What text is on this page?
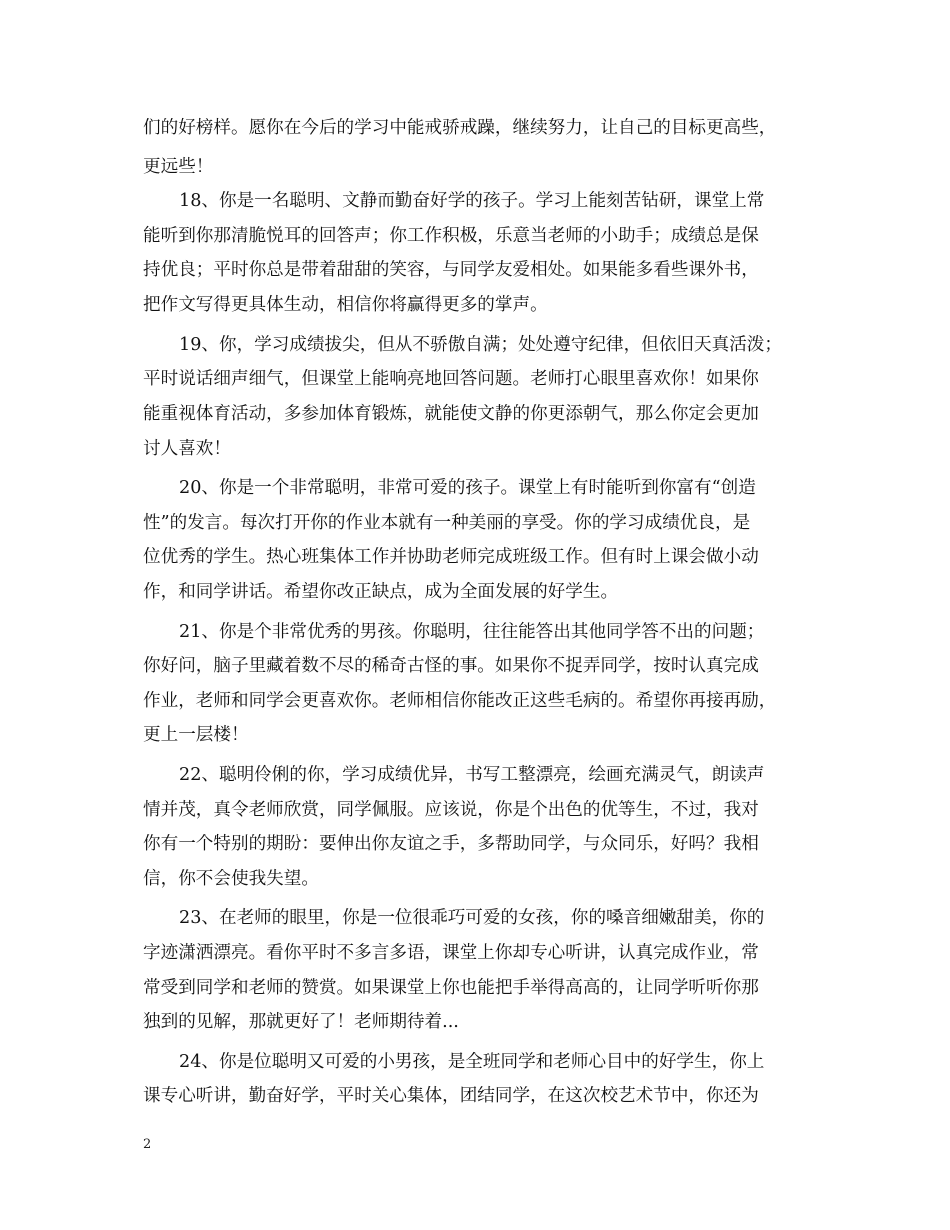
们的好榜样。愿你在今后的学习中能戒骄戒躁，继续努力，让自己的目标更高些，
更远些！
18、你是一名聪明、文静而勤奋好学的孩子。学习上能刻苦钻研，课堂上常
能听到你那清脆悦耳的回答声；你工作积极，乐意当老师的小助手；成绩总是保
持优良；平时你总是带着甜甜的笑容，与同学友爱相处。如果能多看些课外书，
把作文写得更具体生动，相信你将赢得更多的掌声。
19、你，学习成绩拔尖，但从不骄傲自满；处处遵守纪律，但依旧天真活泼；
平时说话细声细气，但课堂上能响亮地回答问题。老师打心眼里喜欢你！如果你
能重视体育活动，多参加体育锻炼，就能使文静的你更添朝气，那么你定会更加
讨人喜欢！
20、你是一个非常聪明，非常可爱的孩子。课堂上有时能听到你富有“创造
性”的发言。每次打开你的作业本就有一种美丽的享受。你的学习成绩优良，是
位优秀的学生。热心班集体工作并协助老师完成班级工作。但有时上课会做小动
作，和同学讲话。希望你改正缺点，成为全面发展的好学生。
21、你是个非常优秀的男孩。你聪明，往往能答出其他同学答不出的问题；
你好问，脑子里藏着数不尽的稀奇古怪的事。如果你不捉弄同学，按时认真完成
作业，老师和同学会更喜欢你。老师相信你能改正这些毛病的。希望你再接再励，
更上一层楼！
22、聪明伶俐的你，学习成绩优异，书写工整漂亮，绘画充满灵气，朗读声
情并茂，真令老师欣赏，同学佩服。应该说，你是个出色的优等生，不过，我对
你有一个特别的期盼：要伸出你友谊之手，多帮助同学，与众同乐，好吗？我相
信，你不会使我失望。
23、在老师的眼里，你是一位很乖巧可爱的女孩，你的嗓音细嫩甜美，你的
字迹潇洒漂亮。看你平时不多言多语，课堂上你却专心听讲，认真完成作业，常
常受到同学和老师的赞赏。如果课堂上你也能把手举得高高的，让同学听听你那
独到的见解，那就更好了！老师期待着...
24、你是位聪明又可爱的小男孩，是全班同学和老师心目中的好学生，你上
课专心听讲，勤奋好学，平时关心集体，团结同学，在这次校艺术节中，你还为
2
